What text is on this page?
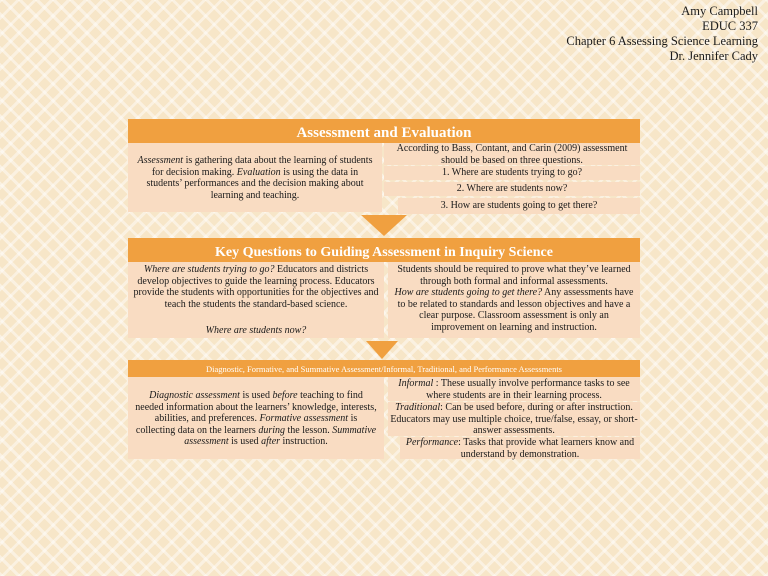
Amy Campbell
EDUC 337
Chapter 6 Assessing Science Learning
Dr. Jennifer Cady
Assessment and Evaluation
Assessment is gathering data about the learning of students for decision making. Evaluation is using the data in students’ performances and the decision making about learning and teaching.
According to Bass, Contant, and Carin (2009) assessment should be based on three questions.
1. Where are students trying to go?
2. Where are students now?
3. How are students going to get there?
Key Questions to Guiding Assessment in Inquiry Science
Where are students trying to go? Educators and districts develop objectives to guide the learning process. Educators provide the students with opportunities for the objectives and teach the students the standard-based science.
Where are students now?
Students should be required to prove what they’ve learned through both formal and informal assessments.
How are students going to get there? Any assessments have to be related to standards and lesson objectives and have a clear purpose. Classroom assessment is only an improvement on learning and instruction.
Diagnostic, Formative, and Summative Assessment/Informal, Traditional, and Performance Assessments
Diagnostic assessment is used before teaching to find needed information about the learners’ knowledge, interests, abilities, and preferences. Formative assessment is collecting data on the learners during the lesson. Summative assessment is used after instruction.
Informal : These usually involve performance tasks to see where students are in their learning process.
Traditional: Can be used before, during or after instruction. Educators may use multiple choice, true/false, essay, or short-answer assessments.
Performance: Tasks that provide what learners know and understand by demonstration.
